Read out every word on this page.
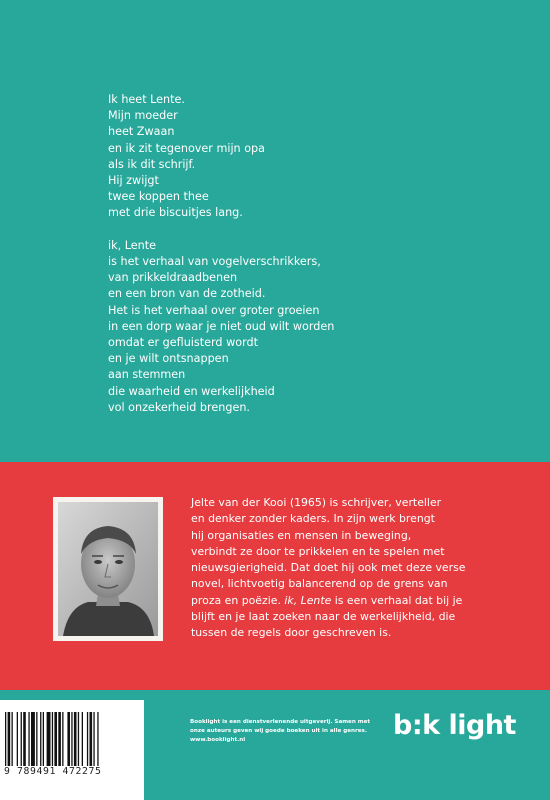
Ik heet Lente.
Mijn moeder
heet Zwaan
en ik zit tegenover mijn opa
als ik dit schrijf.
Hij zwijgt
twee koppen thee
met drie biscuitjes lang.
ik, Lente
is het verhaal van vogelverschrikkers,
van prikkeldraadbenen
en een bron van de zotheid.
Het is het verhaal over groter groeien
in een dorp waar je niet oud wilt worden
omdat er gefluisterd wordt
en je wilt ontsnappen
aan stemmen
die waarheid en werkelijkheid
vol onzekerheid brengen.
Jelte van der Kooi (1965) is schrijver, verteller
en denker zonder kaders. In zijn werk brengt
hij organisaties en mensen in beweging,
verbindt ze door te prikkelen en te spelen met
nieuwsgierigheid. Dat doet hij ook met deze verse
novel, lichtvoetig balancerend op de grens van
proza en poëzie. ik, Lente is een verhaal dat bij je
blijft en je laat zoeken naar de werkelijkheid, die
tussen de regels door geschreven is.
9 789491 472275
Booklight is een dienstverlenende uitgeverij. Samen met
onze auteurs geven wij goede boeken uit in alle genres.
www.booklight.nl	b:k light
